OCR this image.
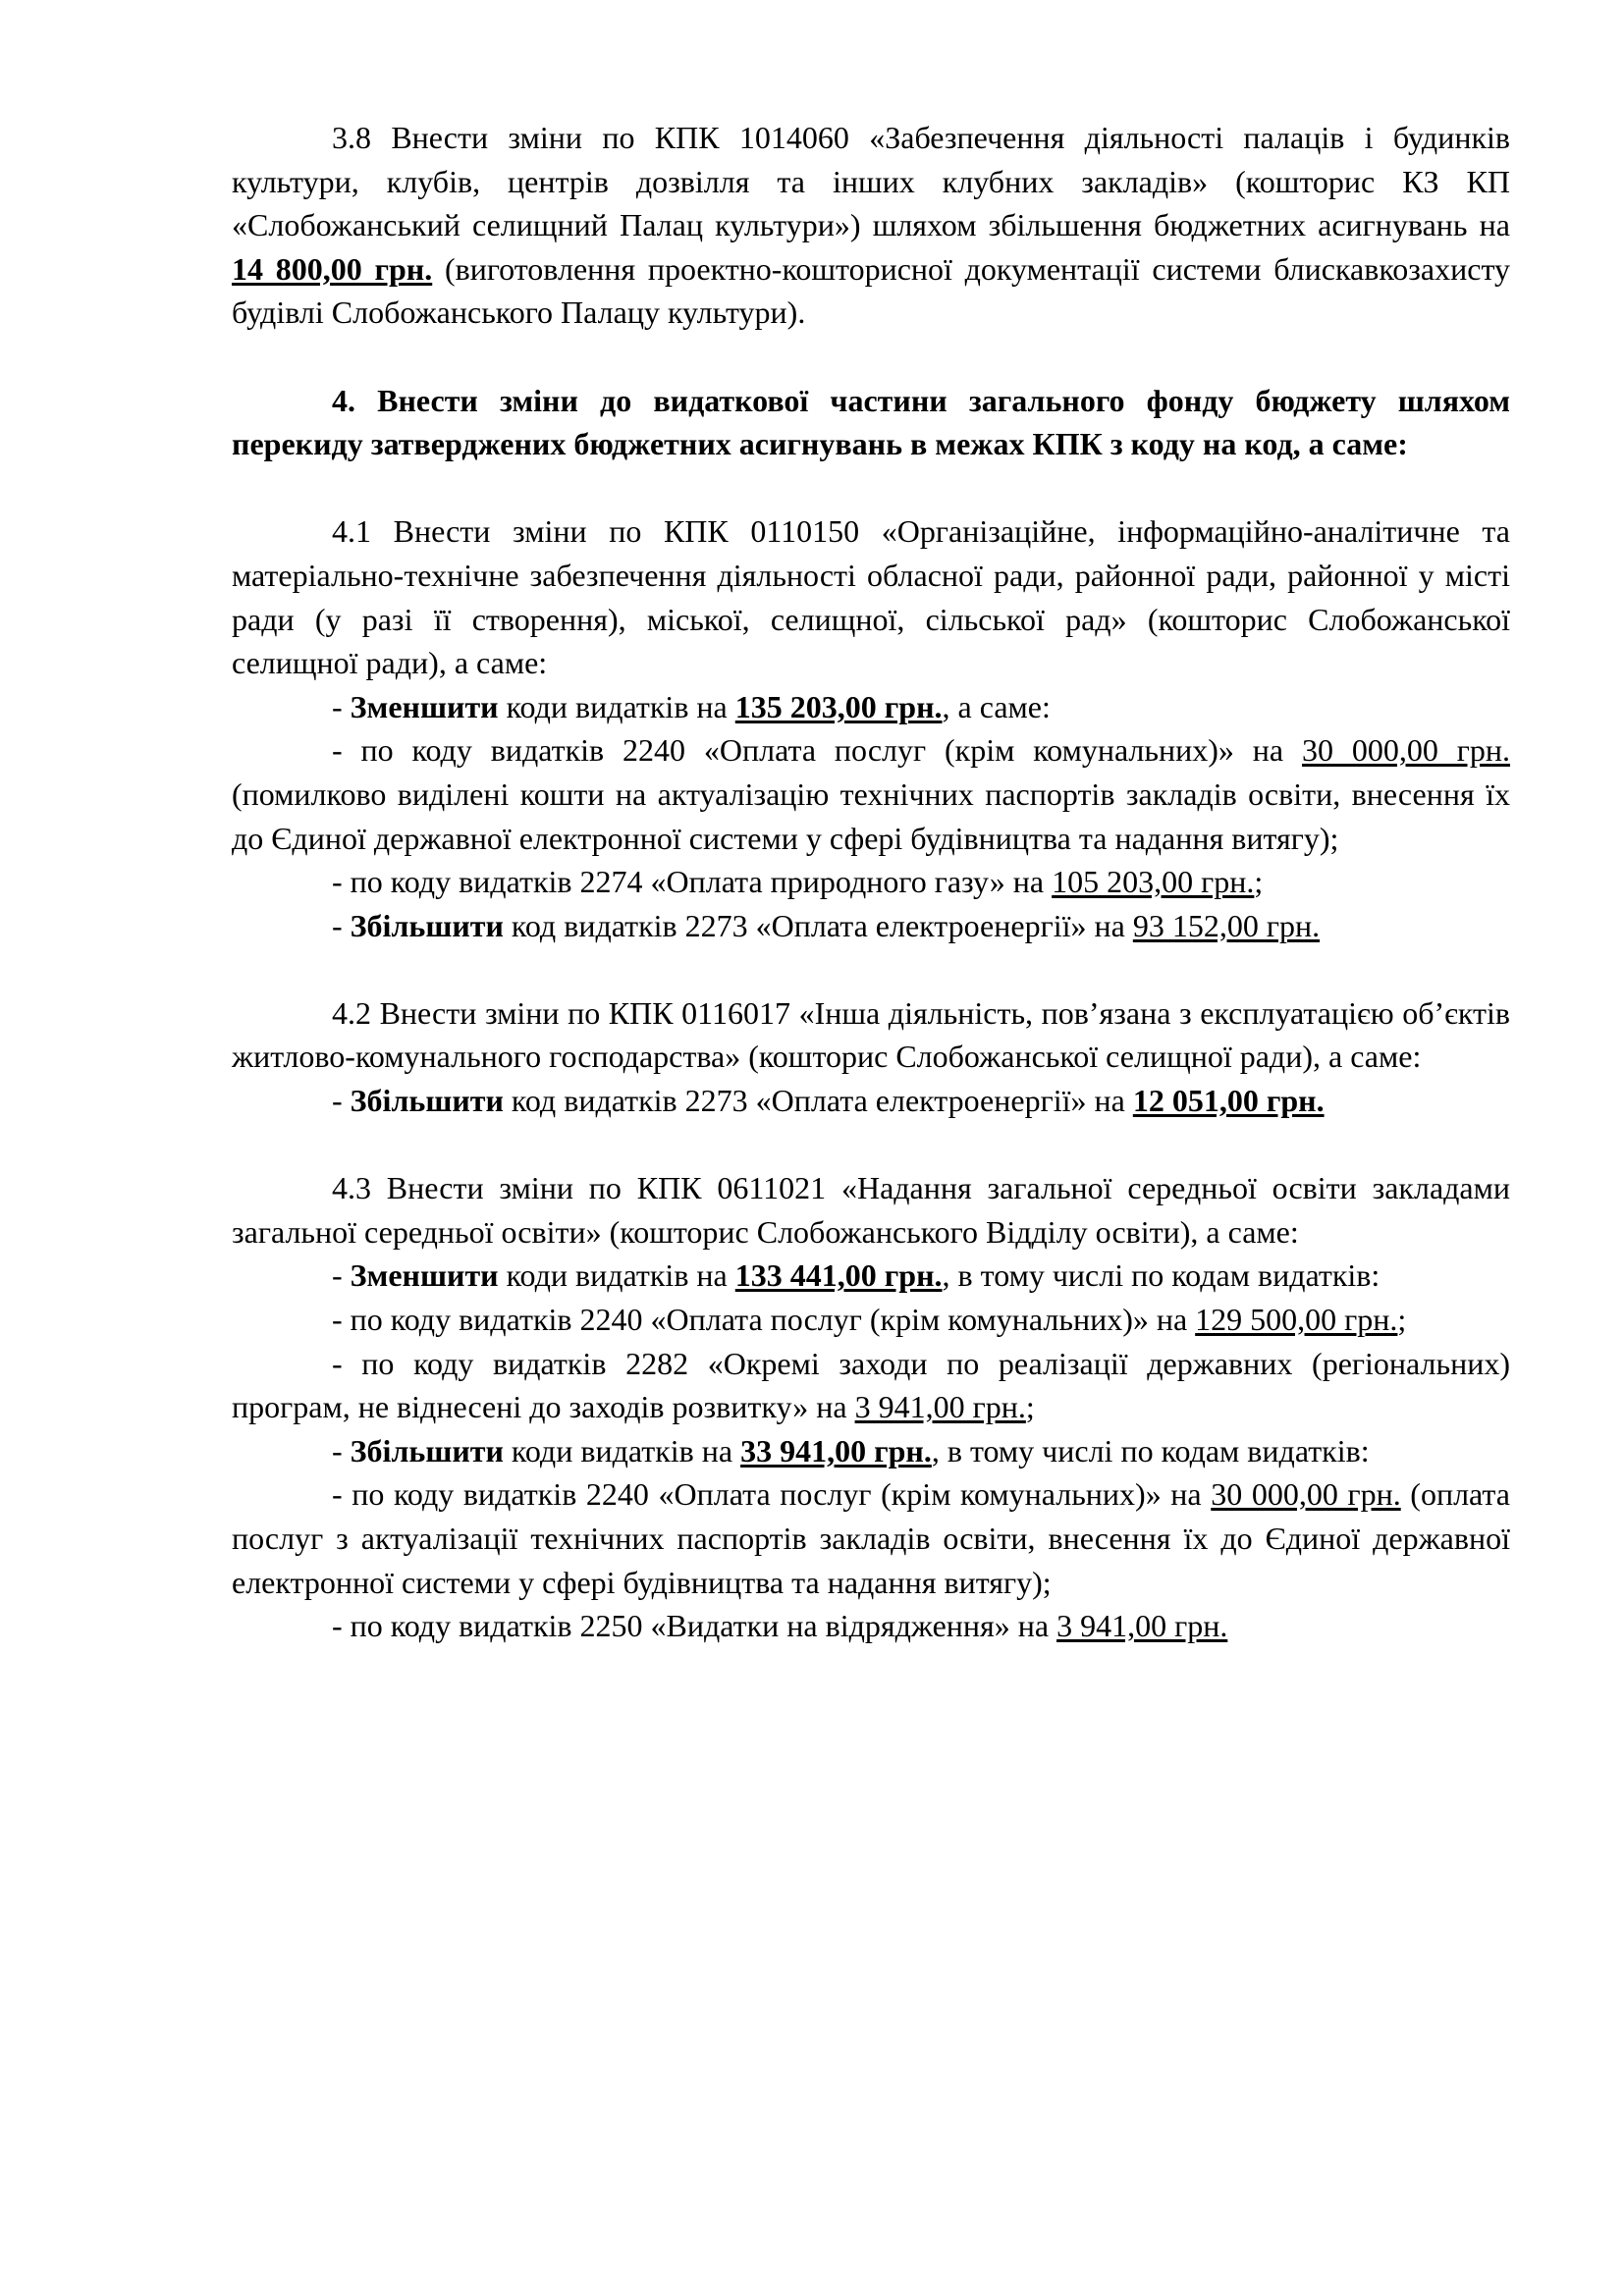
3.8 Внести зміни по КПК 1014060 «Забезпечення діяльності палаців і будинків культури, клубів, центрів дозвілля та інших клубних закладів» (кошторис КЗ КП «Слобожанський селищний Палац культури») шляхом збільшення бюджетних асигнувань на 14 800,00 грн. (виготовлення проектно-кошторисної документації системи блискавкозахисту будівлі Слобожанського Палацу культури).

4. Внести зміни до видаткової частини загального фонду бюджету шляхом перекиду затверджених бюджетних асигнувань в межах КПК з коду на код, а саме:

4.1 Внести зміни по КПК 0110150 «Організаційне, інформаційно-аналітичне та матеріально-технічне забезпечення діяльності обласної ради, районної ради, районної у місті ради (у разі її створення), міської, селищної, сільської рад» (кошторис Слобожанської селищної ради), а саме:

- Зменшити коди видатків на 135 203,00 грн., а саме:

- по коду видатків 2240 «Оплата послуг (крім комунальних)» на 30 000,00 грн. (помилково виділені кошти на актуалізацію технічних паспортів закладів освіти, внесення їх до Єдиної державної електронної системи у сфері будівництва та надання витягу);

- по коду видатків 2274 «Оплата природного газу» на 105 203,00 грн.;

- Збільшити код видатків 2273 «Оплата електроенергії» на 93 152,00 грн.

4.2 Внести зміни по КПК 0116017 «Інша діяльність, пов’язана з експлуатацією об’єктів житлово-комунального господарства» (кошторис Слобожанської селищної ради), а саме:

- Збільшити код видатків 2273 «Оплата електроенергії» на 12 051,00 грн.

4.3 Внести зміни по КПК 0611021 «Надання загальної середньої освіти закладами загальної середньої освіти» (кошторис Слобожанського Відділу освіти), а саме:

- Зменшити коди видатків на 133 441,00 грн., в тому числі по кодам видатків:

- по коду видатків 2240 «Оплата послуг (крім комунальних)» на 129 500,00 грн.;

- по коду видатків 2282 «Окремі заходи по реалізації державних (регіональних) програм, не віднесені до заходів розвитку» на 3 941,00 грн.;

- Збільшити коди видатків на 33 941,00 грн., в тому числі по кодам видатків:

- по коду видатків 2240 «Оплата послуг (крім комунальних)» на 30 000,00 грн. (оплата послуг з актуалізації технічних паспортів закладів освіти, внесення їх до Єдиної державної електронної системи у сфері будівництва та надання витягу);

- по коду видатків 2250 «Видатки на відрядження» на 3 941,00 грн.
